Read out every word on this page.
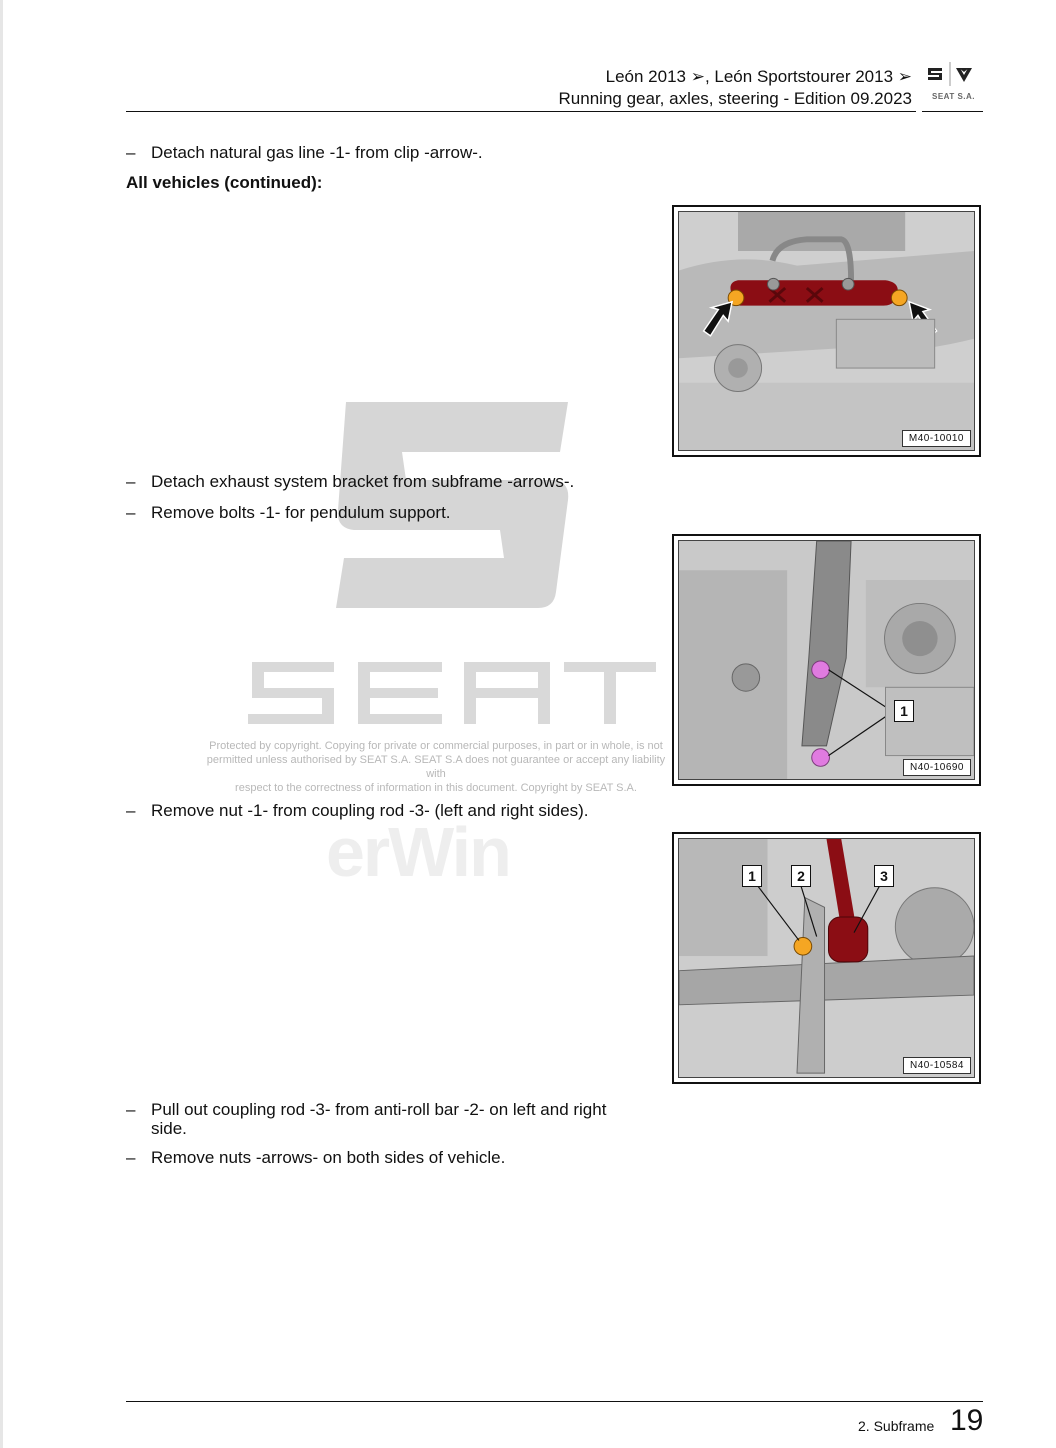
León 2013 ➢, León Sportstourer 2013 ➢
Running gear, axles, steering - Edition 09.2023	SEAT S.A.
Protected by copyright. Copying for private or commercial purposes, in part or in whole, is not
permitted unless authorised by SEAT S.A. SEAT S.A does not guarantee or accept any liability with
respect to the correctness of information in this document. Copyright by SEAT S.A.
erWin
– Detach natural gas line -1- from clip -arrow-.
All vehicles (continued):
– Detach exhaust system bracket from subframe -arrows-.
– Remove bolts -1- for pendulum support.
– Remove nut -1- from coupling rod -3- (left and right sides).
– Pull out coupling rod -3- from anti-roll bar -2- on left and right side.
– Remove nuts -arrows- on both sides of vehicle.
M40-10010
1
N40-10690
1	2	3
N40-10584
2. Subframe 19
